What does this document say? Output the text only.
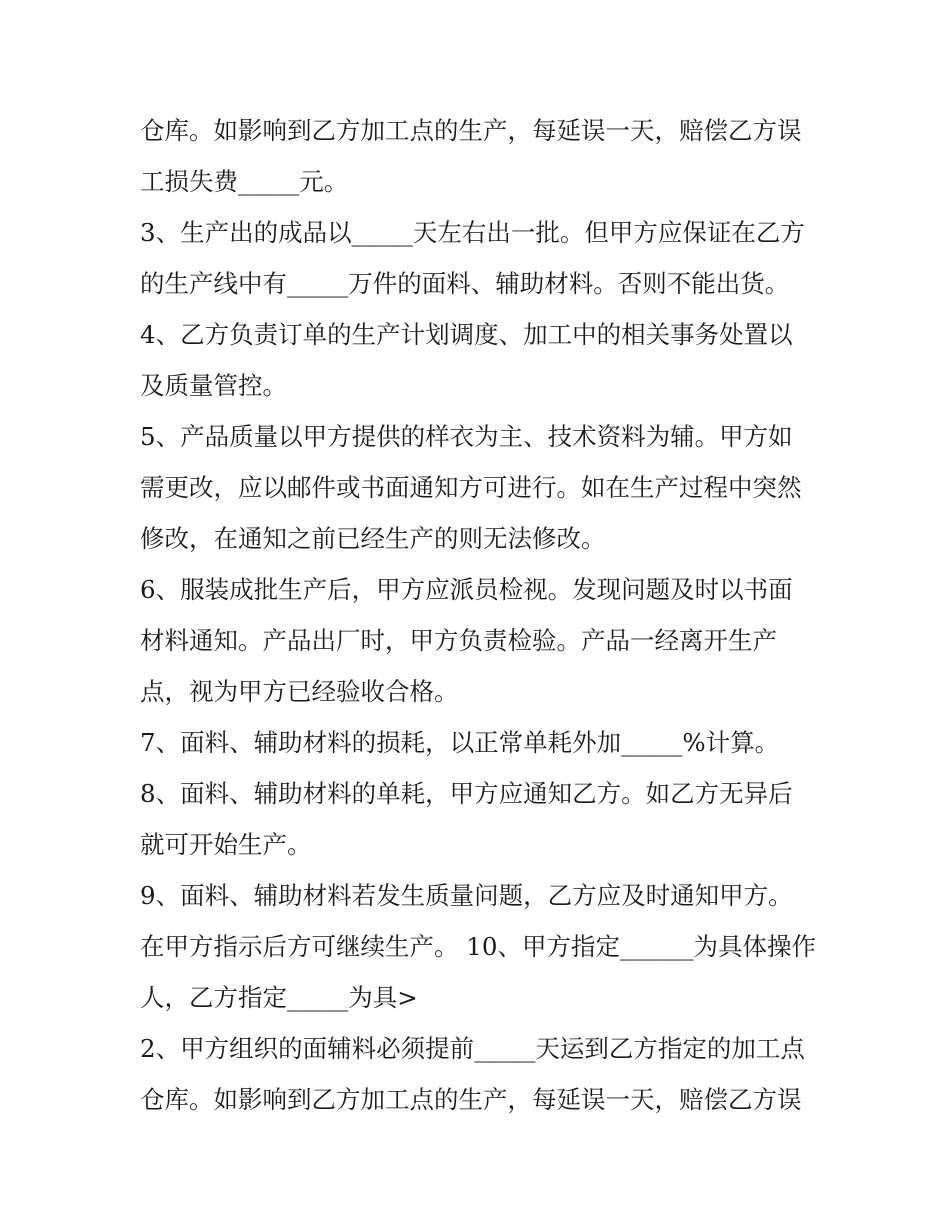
仓库。如影响到乙方加工点的生产，每延误一天，赔偿乙方误
工损失费_____元。
3、生产出的成品以_____天左右出一批。但甲方应保证在乙方
的生产线中有_____万件的面料、辅助材料。否则不能出货。
4、乙方负责订单的生产计划调度、加工中的相关事务处置以
及质量管控。
5、产品质量以甲方提供的样衣为主、技术资料为辅。甲方如
需更改，应以邮件或书面通知方可进行。如在生产过程中突然
修改，在通知之前已经生产的则无法修改。
6、服装成批生产后，甲方应派员检视。发现问题及时以书面
材料通知。产品出厂时，甲方负责检验。产品一经离开生产
点，视为甲方已经验收合格。
7、面料、辅助材料的损耗，以正常单耗外加_____%计算。
8、面料、辅助材料的单耗，甲方应通知乙方。如乙方无异后
就可开始生产。
9、面料、辅助材料若发生质量问题，乙方应及时通知甲方。
在甲方指示后方可继续生产。 10、甲方指定______为具体操作
人，乙方指定_____为具>
2、甲方组织的面辅料必须提前_____天运到乙方指定的加工点
仓库。如影响到乙方加工点的生产，每延误一天，赔偿乙方误
